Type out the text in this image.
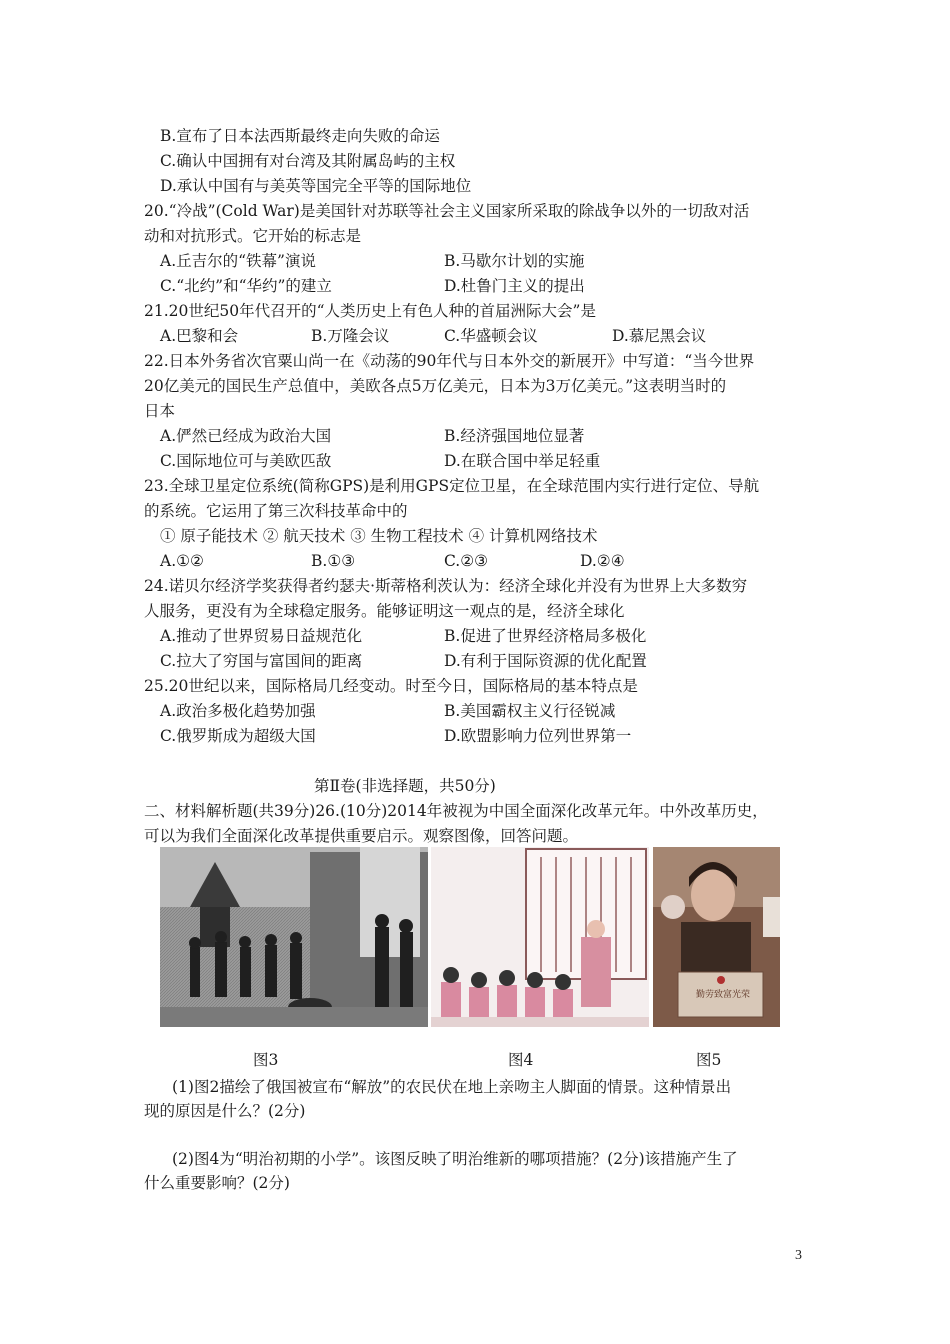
B.宣布了日本法西斯最终走向失败的命运
C.确认中国拥有对台湾及其附属岛屿的主权
D.承认中国有与美英等国完全平等的国际地位
20.“冷战”(Cold War)是美国针对苏联等社会主义国家所采取的除战争以外的一切敌对活
动和对抗形式。它开始的标志是
A.丘吉尔的“铁幕”演说	B.马歇尔计划的实施
C.“北约”和“华约”的建立	D.杜鲁门主义的提出
21.20世纪50年代召开的“人类历史上有色人种的首届洲际大会”是
A.巴黎和会	B.万隆会议	C.华盛顿会议	D.慕尼黑会议
22.日本外务省次官粟山尚一在《动荡的90年代与日本外交的新展开》中写道：“当今世界
20亿美元的国民生产总值中，美欧各点5万亿美元，日本为3万亿美元。”这表明当时的
日本
A.俨然已经成为政治大国	B.经济强国地位显著
C.国际地位可与美欧匹敌	D.在联合国中举足轻重
23.全球卫星定位系统(简称GPS)是利用GPS定位卫星，在全球范围内实行进行定位、导航
的系统。它运用了第三次科技革命中的
① 原子能技术 ② 航天技术 ③ 生物工程技术 ④ 计算机网络技术
A.①②	B.①③	C.②③	D.②④
24.诺贝尔经济学奖获得者约瑟夫·斯蒂格利茨认为：经济全球化并没有为世界上大多数穷
人服务，更没有为全球稳定服务。能够证明这一观点的是，经济全球化
A.推动了世界贸易日益规范化	B.促进了世界经济格局多极化
C.拉大了穷国与富国间的距离	D.有利于国际资源的优化配置
25.20世纪以来，国际格局几经变动。时至今日，国际格局的基本特点是
A.政治多极化趋势加强	B.美国霸权主义行径锐减
C.俄罗斯成为超级大国	D.欧盟影响力位列世界第一
第Ⅱ卷(非选择题，共50分)
二、材料解析题(共39分)26.(10分)2014年被视为中国全面深化改革元年。中外改革历史，
可以为我们全面深化改革提供重要启示。观察图像，回答问题。
勤劳致富光荣
图3	图4	图5
(1)图2描绘了俄国被宣布“解放”的农民伏在地上亲吻主人脚面的情景。这种情景出
现的原因是什么？(2分)
(2)图4为“明治初期的小学”。该图反映了明治维新的哪项措施？(2分)该措施产生了
什么重要影响？(2分)
3
